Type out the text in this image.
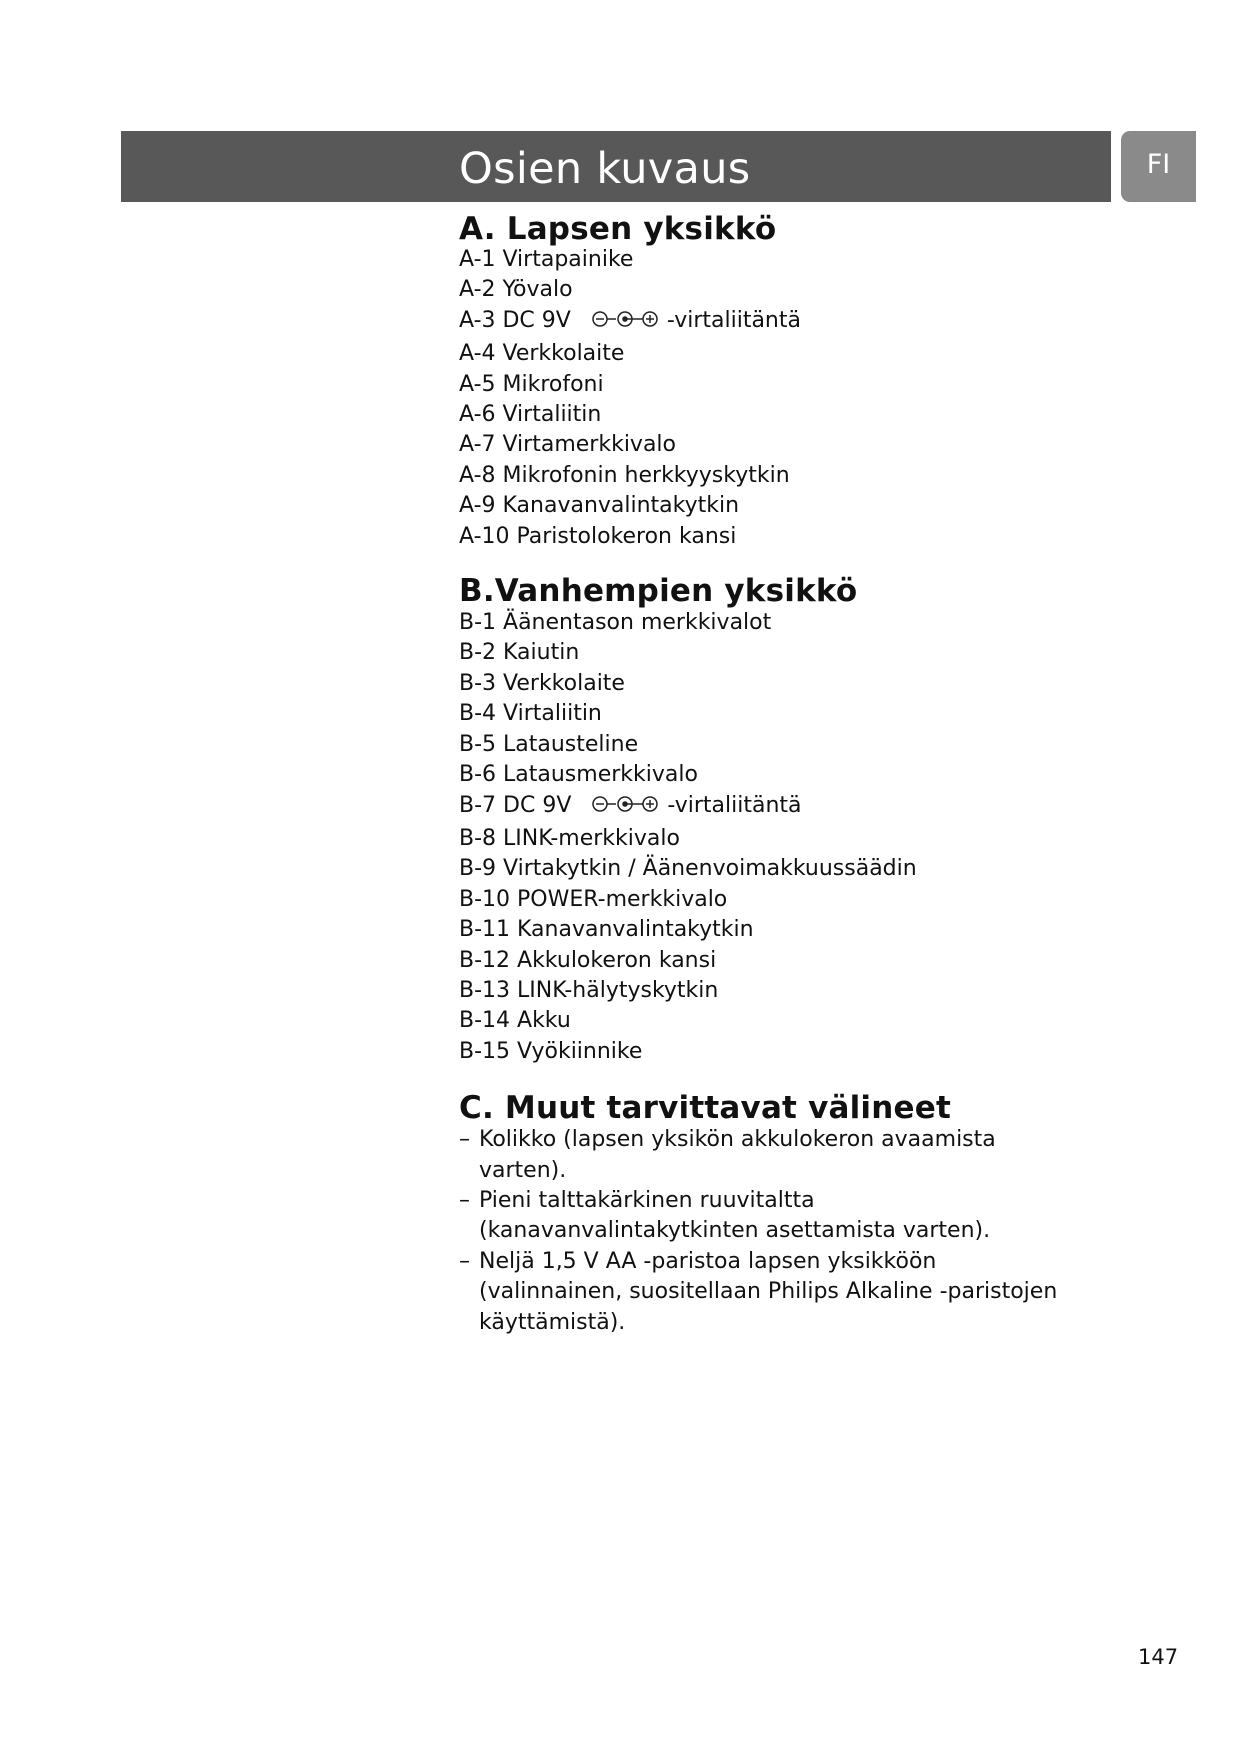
Osien kuvaus	FI
A. Lapsen yksikkö
A-1 Virtapainike
A-2 Yövalo
A-3 DC 9V	-virtaliitäntä
A-4 Verkkolaite
A-5 Mikrofoni
A-6 Virtaliitin
A-7 Virtamerkkivalo
A-8 Mikrofonin herkkyyskytkin
A-9 Kanavanvalintakytkin
A-10 Paristolokeron kansi
B.Vanhempien yksikkö
B-1 Äänentason merkkivalot
B-2 Kaiutin
B-3 Verkkolaite
B-4 Virtaliitin
B-5 Latausteline
B-6 Latausmerkkivalo
B-7 DC 9V	-virtaliitäntä
B-8 LINK-merkkivalo
B-9 Virtakytkin / Äänenvoimakkuussäädin
B-10 POWER-merkkivalo
B-11 Kanavanvalintakytkin
B-12 Akkulokeron kansi
B-13 LINK-hälytyskytkin
B-14 Akku
B-15 Vyökiinnike
C. Muut tarvittavat välineet
– Kolikko (lapsen yksikön akkulokeron avaamista varten).
– Pieni talttakärkinen ruuvitaltta (kanavanvalintakytkinten asettamista varten).
– Neljä 1,5 V AA -paristoa lapsen yksikköön (valinnainen, suositellaan Philips Alkaline -paristojen käyttämistä).
147
